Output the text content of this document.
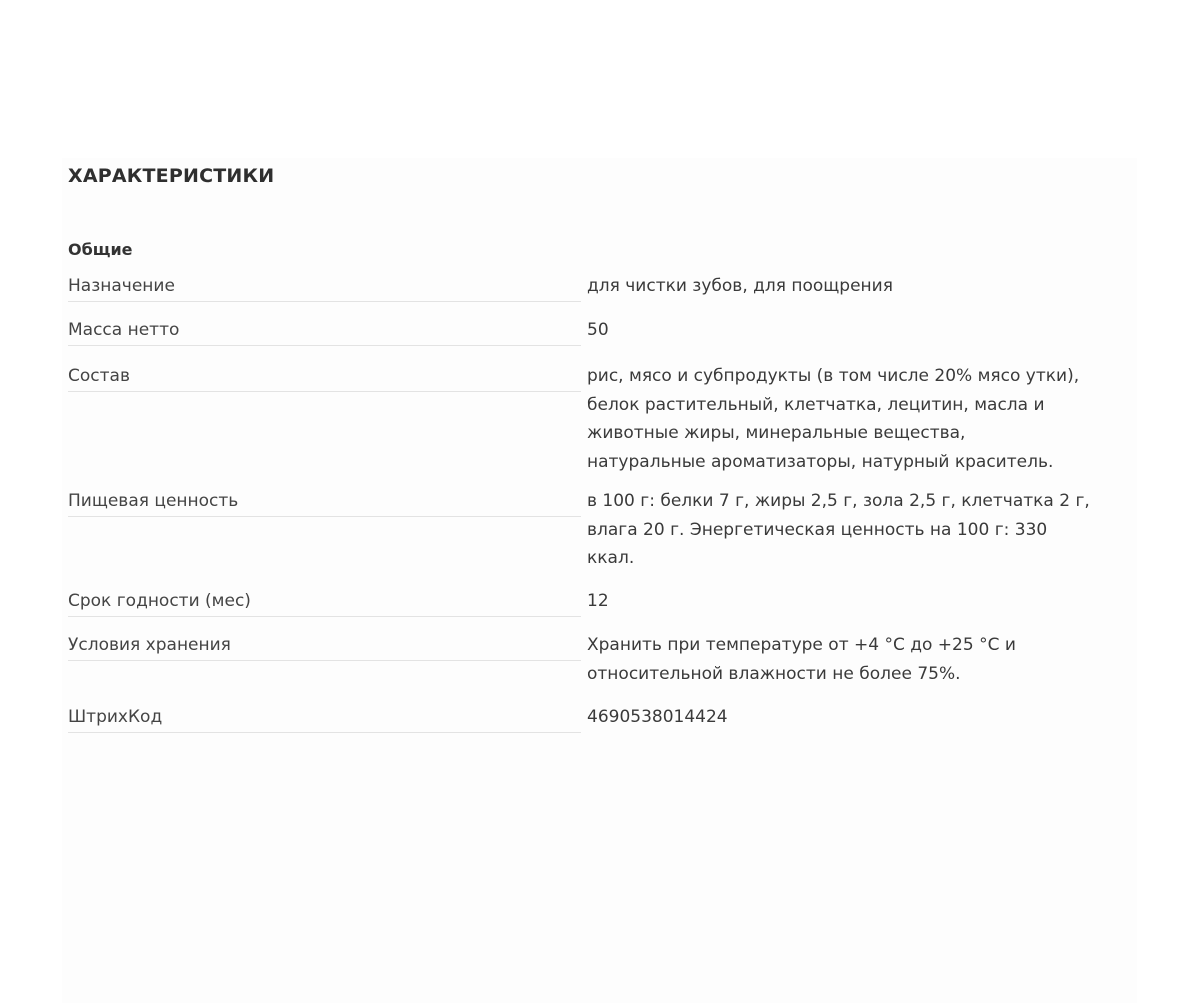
ХАРАКТЕРИСТИКИ
Общие
Назначение	для чистки зубов, для поощрения
Масса нетто	50
Состав	рис, мясо и субпродукты (в том числе 20% мясо утки),
белок растительный, клетчатка, лецитин, масла и
животные жиры, минеральные вещества,
натуральные ароматизаторы, натурный краситель.
Пищевая ценность	в 100 г: белки 7 г, жиры 2,5 г, зола 2,5 г, клетчатка 2 г,
влага 20 г. Энергетическая ценность на 100 г: 330
ккал.
Срок годности (мес)	12
Условия хранения	Хранить при температуре от +4 °С до +25 °С и
относительной влажности не более 75%.
ШтрихКод	4690538014424
